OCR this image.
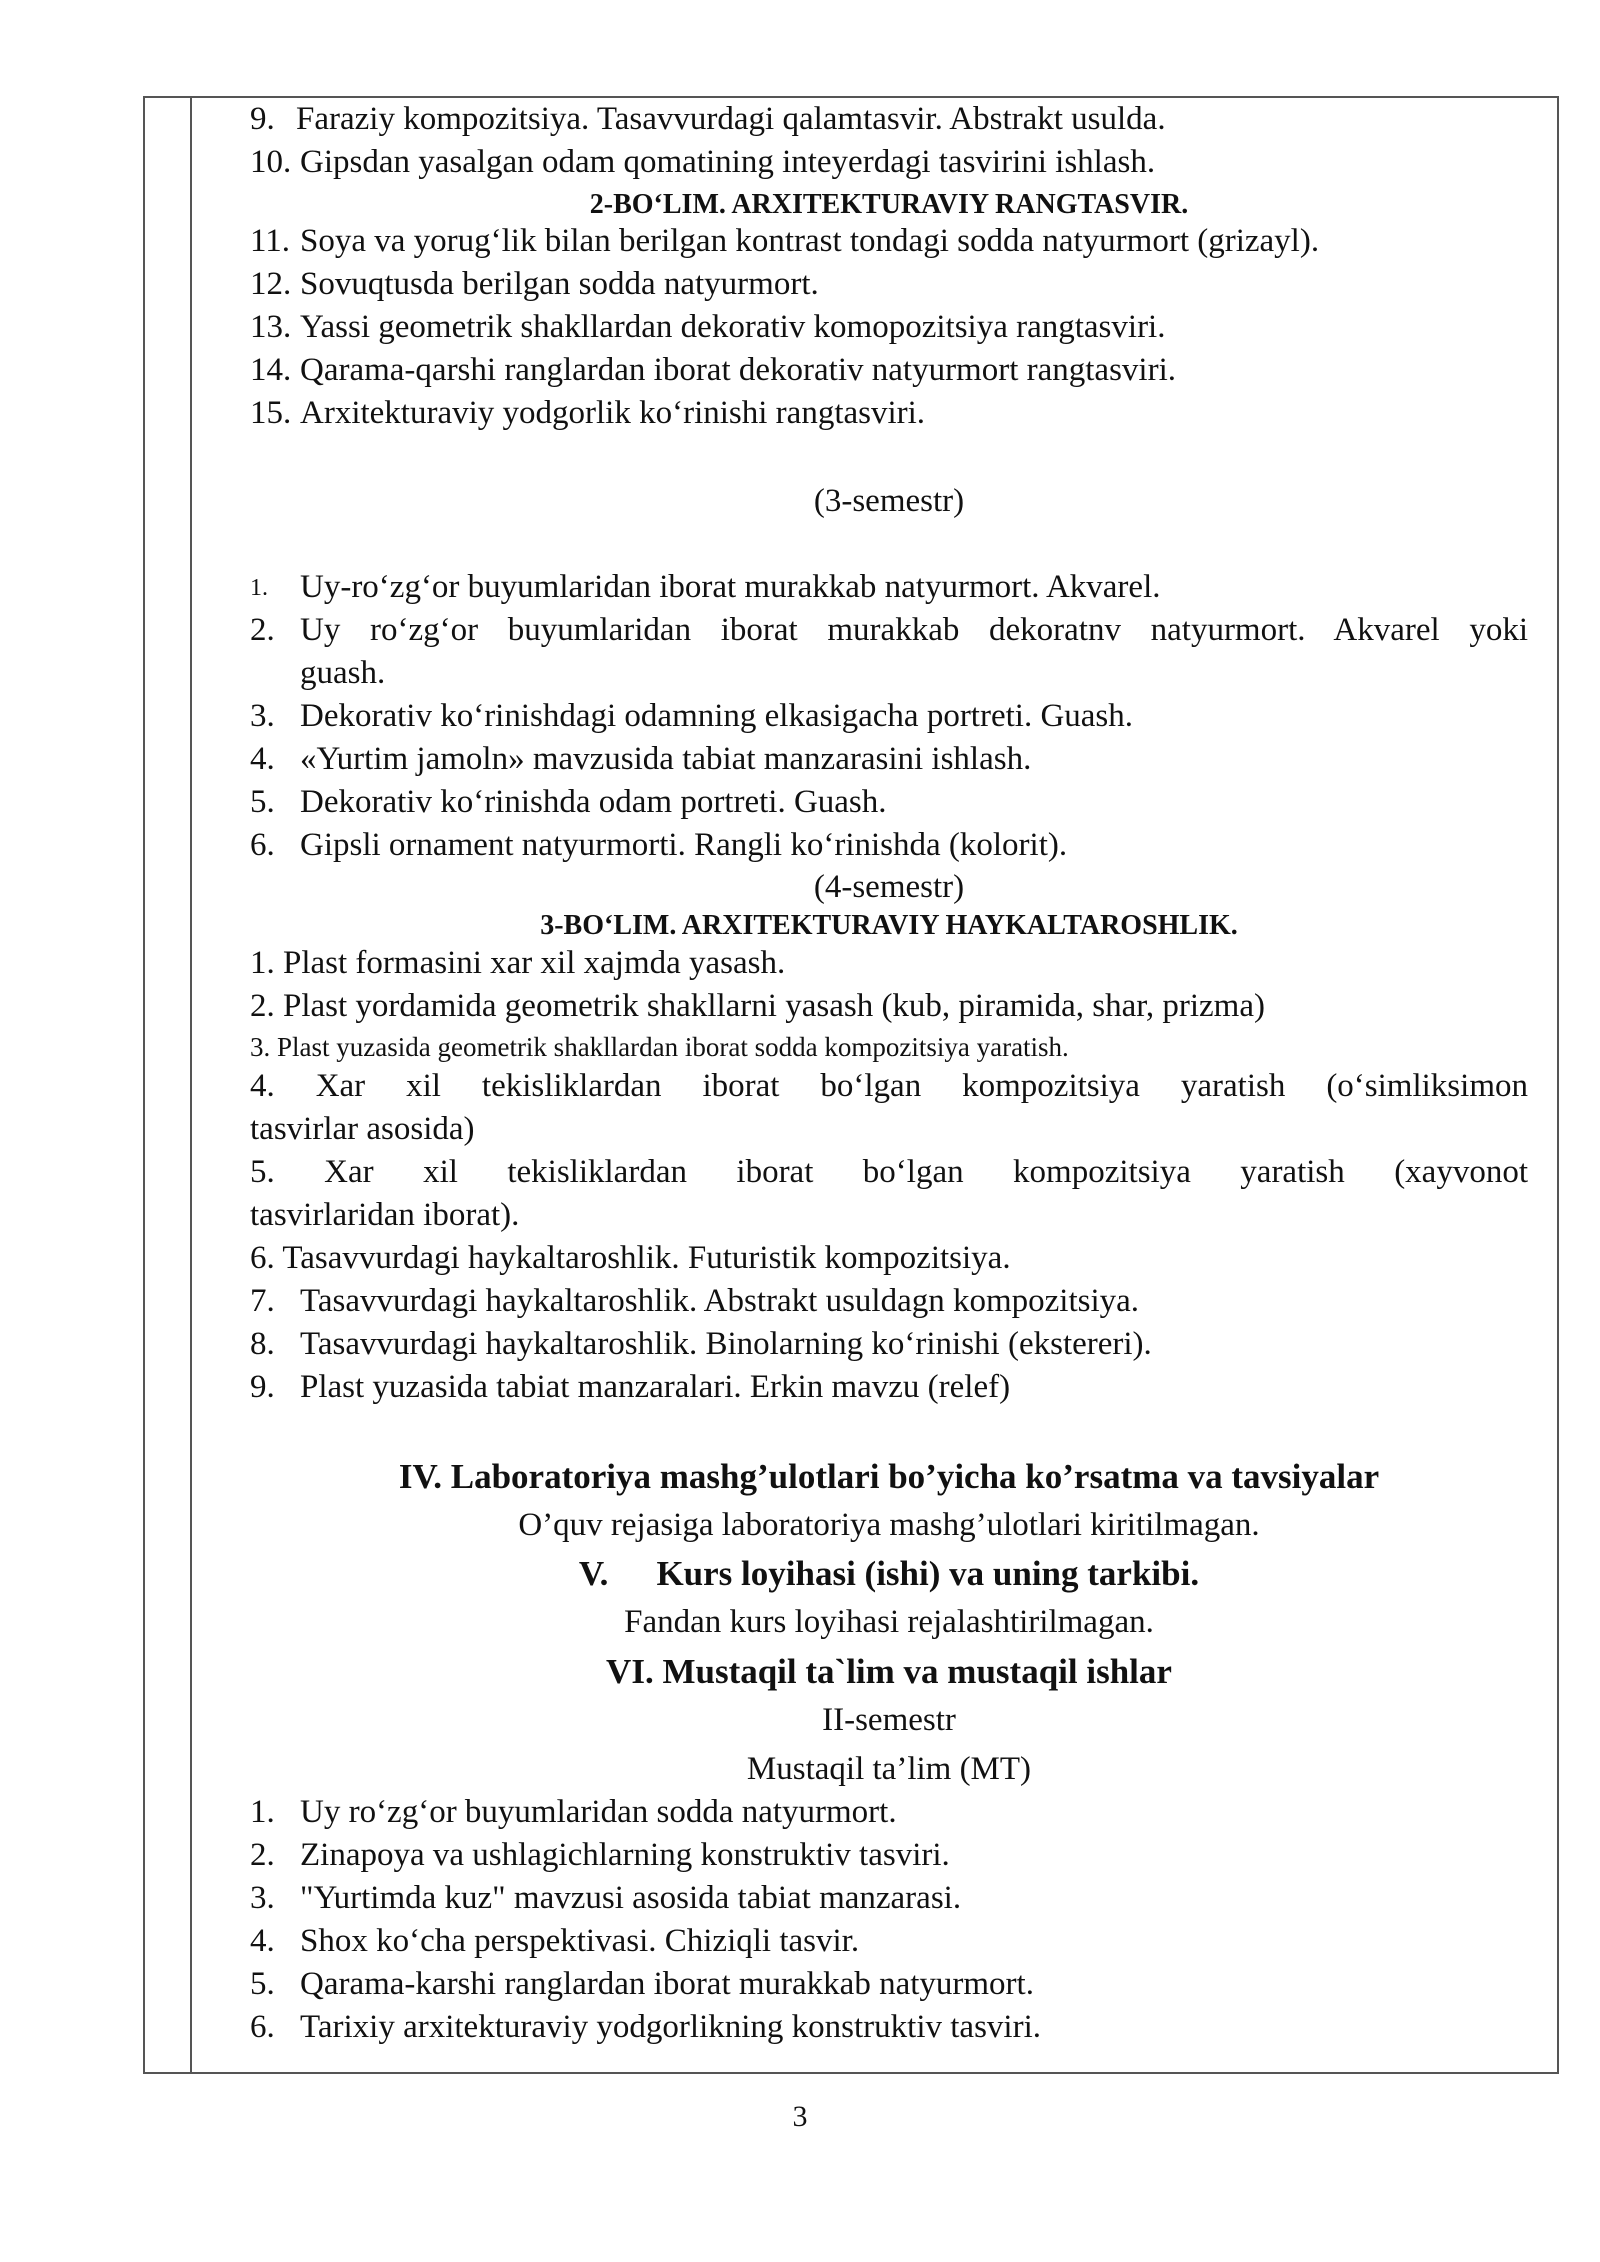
9. Faraziy kompozitsiya. Tasavvurdagi qalamtasvir. Abstrakt usulda.
10. Gipsdan yasalgan odam qomatining inteyerdagi tasvirini ishlash.
2-BO‘LIM. ARXITEKTURAVIY RANGTASVIR.
11. Soya va yorug‘lik bilan berilgan kontrast tondagi sodda natyurmort (grizayl).
12. Sovuqtusda berilgan sodda natyurmort.
13. Yassi geometrik shakllardan dekorativ komopozitsiya rangtasviri.
14. Qarama-qarshi ranglardan iborat dekorativ natyurmort rangtasviri.
15. Arxitekturaviy yodgorlik ko‘rinishi rangtasviri.
(3-semestr)
1. Uy-ro‘zg‘or buyumlaridan iborat murakkab natyurmort. Akvarel.
2. Uy ro‘zg‘or buyumlaridan iborat murakkab dekoratnv natyurmort. Akvarel yoki
guash.
3. Dekorativ ko‘rinishdagi odamning elkasigacha portreti. Guash.
4. «Yurtim jamoln» mavzusida tabiat manzarasini ishlash.
5. Dekorativ ko‘rinishda odam portreti. Guash.
6. Gipsli ornament natyurmorti. Rangli ko‘rinishda (kolorit).
(4-semestr)
3-BO‘LIM. ARXITEKTURAVIY HAYKALTAROSHLIK.
1. Plast formasini xar xil xajmda yasash.
2. Plast yordamida geometrik shakllarni yasash (kub, piramida, shar, prizma)
3. Plast yuzasida geometrik shakllardan iborat sodda kompozitsiya yaratish.
4. Xar xil tekisliklardan iborat bo‘lgan kompozitsiya yaratish (o‘simliksimon
tasvirlar asosida)
5. Xar xil tekisliklardan iborat bo‘lgan kompozitsiya yaratish (xayvonot
tasvirlaridan iborat).
6. Tasavvurdagi haykaltaroshlik. Futuristik kompozitsiya.
7. Tasavvurdagi haykaltaroshlik. Abstrakt usuldagn kompozitsiya.
8. Tasavvurdagi haykaltaroshlik. Binolarning ko‘rinishi (ekstereri).
9. Plast yuzasida tabiat manzaralari. Erkin mavzu (relef)
IV. Laboratoriya mashg’ulotlari bo’yicha ko’rsatma va tavsiyalar
O’quv rejasiga laboratoriya mashg’ulotlari kiritilmagan.
V. Kurs loyihasi (ishi) va uning tarkibi.
Fandan kurs loyihasi rejalashtirilmagan.
VI. Mustaqil ta`lim va mustaqil ishlar
II-semestr
Mustaqil ta’lim (MT)
1. Uy ro‘zg‘or buyumlaridan sodda natyurmort.
2. Zinapoya va ushlagichlarning konstruktiv tasviri.
3. "Yurtimda kuz" mavzusi asosida tabiat manzarasi.
4. Shox ko‘cha perspektivasi. Chiziqli tasvir.
5. Qarama-karshi ranglardan iborat murakkab natyurmort.
6. Tarixiy arxitekturaviy yodgorlikning konstruktiv tasviri.
3
